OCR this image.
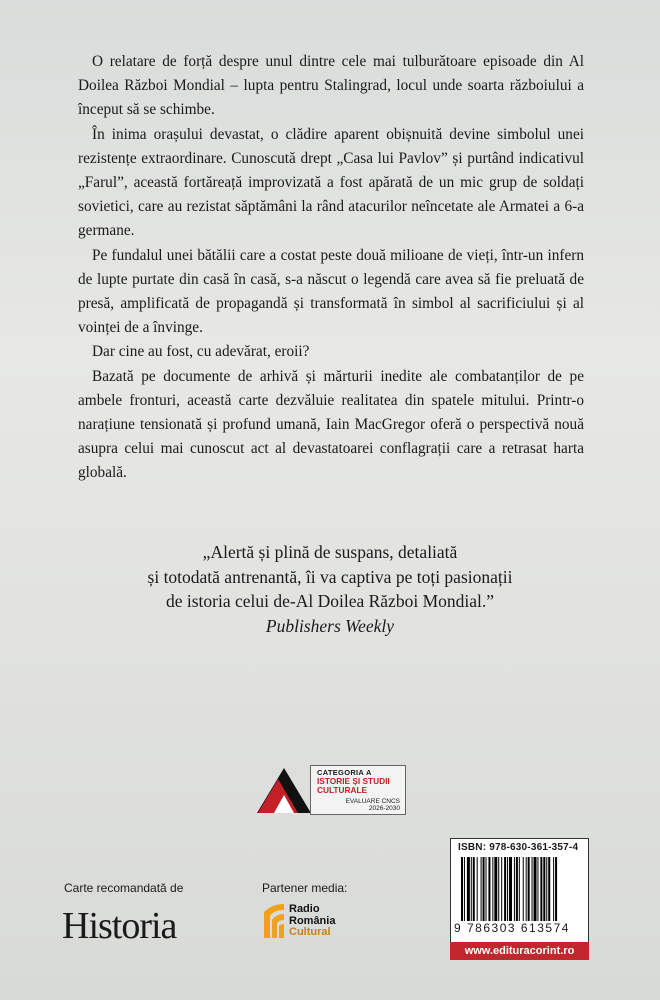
O relatare de forță despre unul dintre cele mai tulburătoare episoade din Al Doilea Război Mondial – lupta pentru Stalingrad, locul unde soarta războiului a început să se schimbe.

În inima orașului devastat, o clădire aparent obișnuită devine simbolul unei rezistențe extraordinare. Cunoscută drept „Casa lui Pavlov” și purtând indicativul „Farul”, această fortăreață improvizată a fost apărată de un mic grup de soldați sovietici, care au rezistat săptămâni la rând atacurilor neîncetate ale Armatei a 6-a germane.

Pe fundalul unei bătălii care a costat peste două milioane de vieți, într-un infern de lupte purtate din casă în casă, s-a născut o legendă care avea să fie preluată de presă, amplificată de propagandă și transformată în simbol al sacrificiului și al voinței de a învinge.

Dar cine au fost, cu adevărat, eroii?

Bazată pe documente de arhivă și mărturii inedite ale combatanților de pe ambele fronturi, această carte dezvăluie realitatea din spatele mitului. Printr-o narațiune tensionată și profund umană, Iain MacGregor oferă o perspectivă nouă asupra celui mai cunoscut act al devastatoarei conflagrații care a retrasat harta globală.

„Alertă și plină de suspans, detaliată
și totodată antrenantă, îi va captiva pe toți pasionații
de istoria celui de-Al Doilea Război Mondial.”
Publishers Weekly
CATEGORIA A
ISTORIE ȘI STUDII
CULTURALE
EVALUARE CNCS
2026-2030
Carte recomandată de
Historia
Partener media:
Radio
România
Cultural
ISBN: 978-630-361-357-4
9 786303 613574
www.edituracorint.ro
